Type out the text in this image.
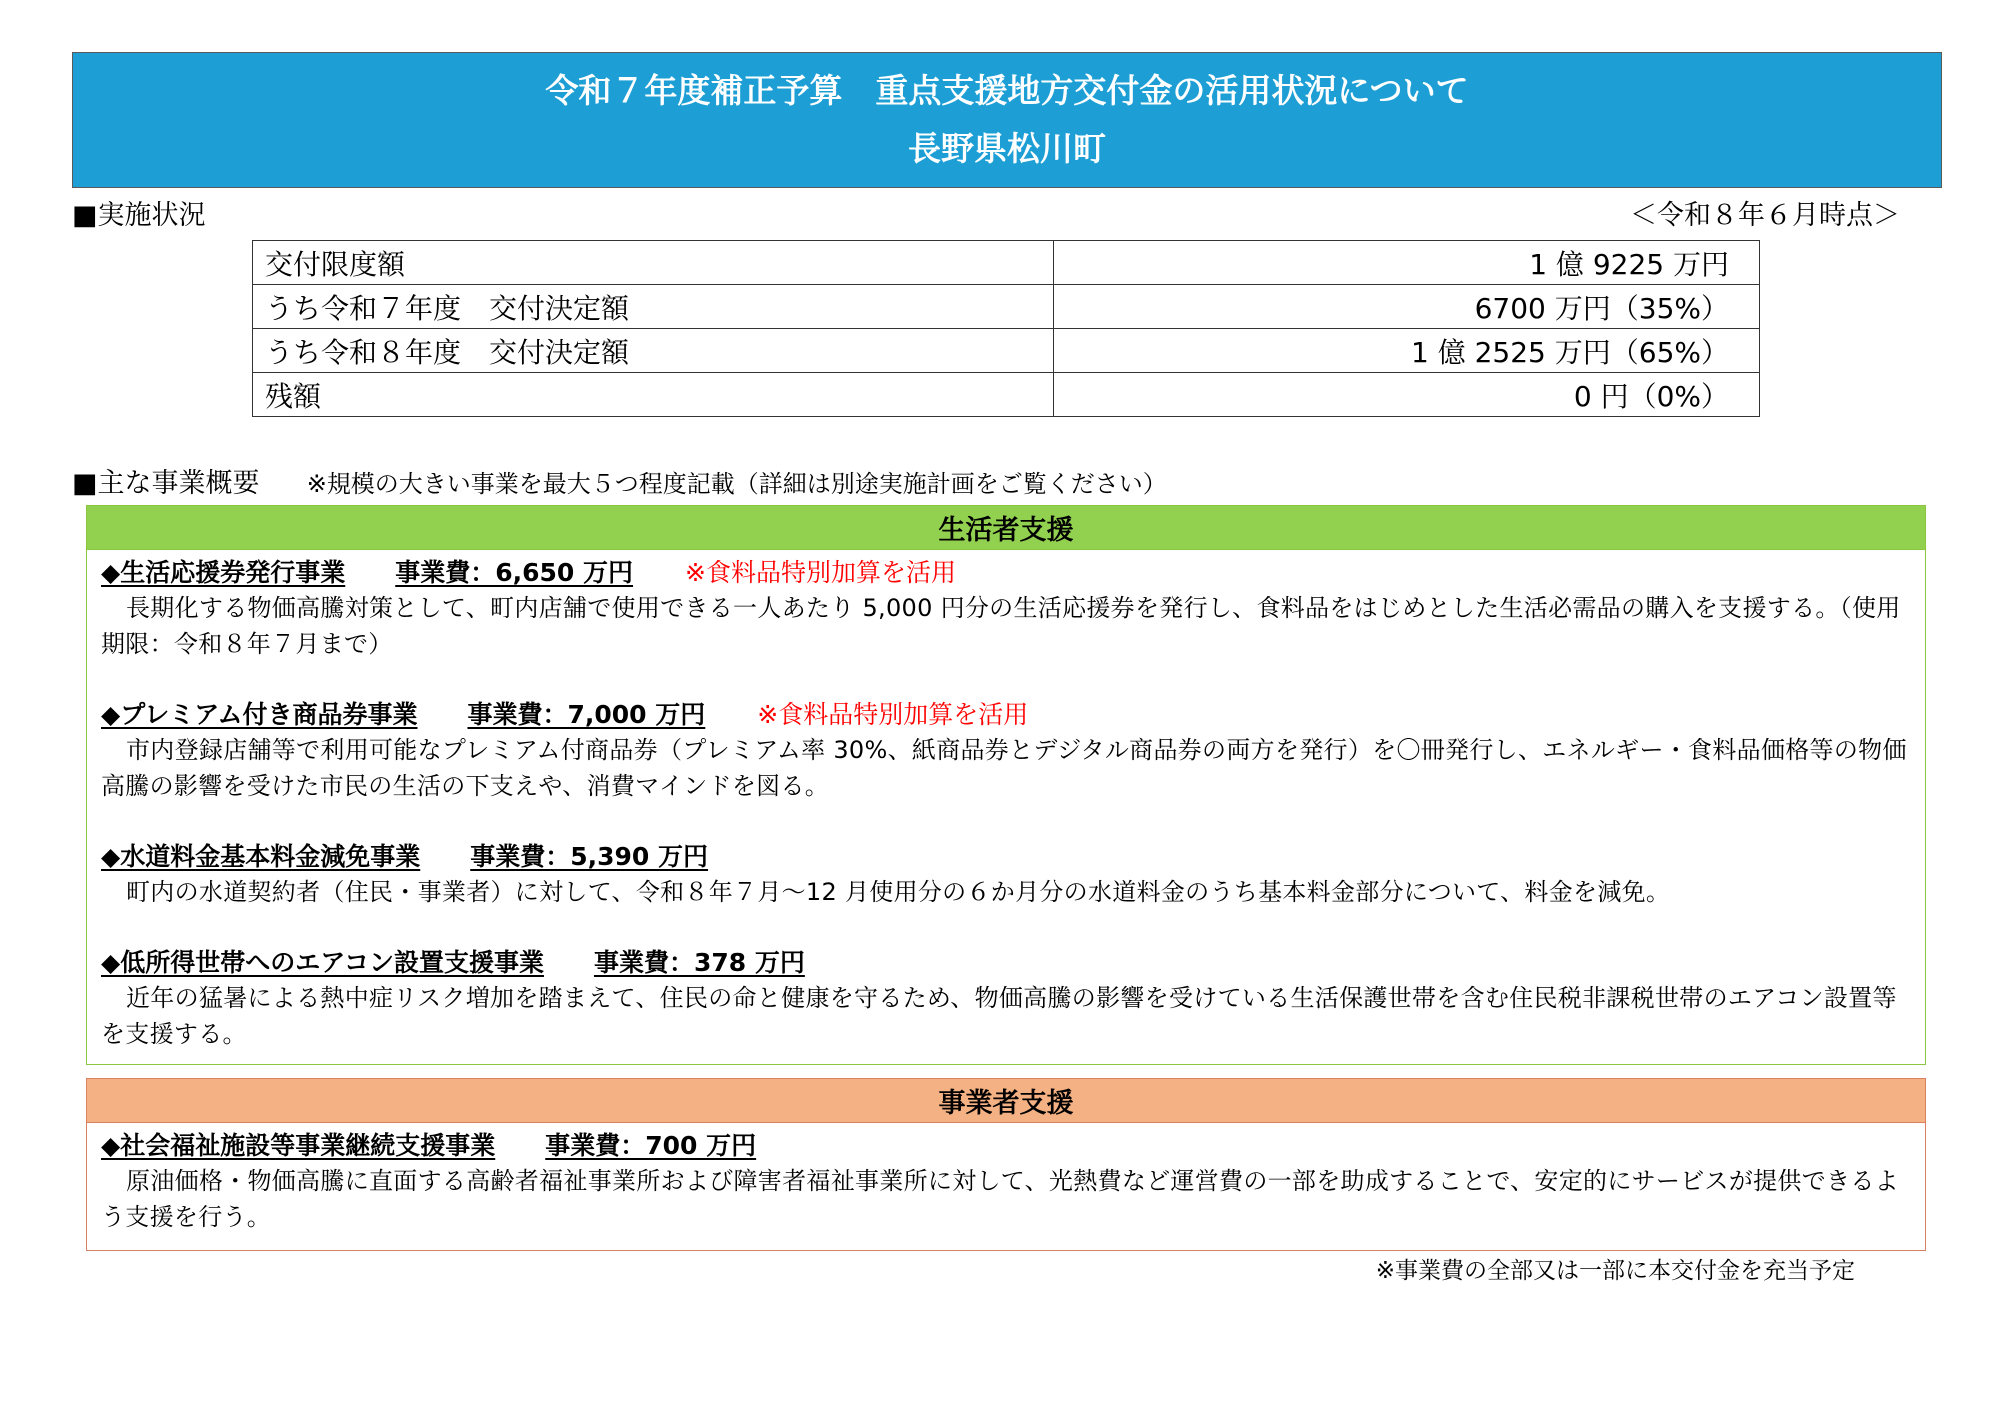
令和７年度補正予算　重点支援地方交付金の活用状況について
長野県松川町
■実施状況	＜令和８年６月時点＞
交付限度額	1 億 9225 万円
うち令和７年度　交付決定額	6700 万円（35%）
うち令和８年度　交付決定額	1 億 2525 万円（65%）
残額	0 円（0%）
■主な事業概要 ※規模の大きい事業を最大５つ程度記載（詳細は別途実施計画をご覧ください）
生活者支援
◆生活応援券発行事業 事業費：6,650 万円 ※食料品特別加算を活用
長期化する物価高騰対策として、町内店舗で使用できる一人あたり 5,000 円分の生活応援券を発行し、食料品をはじめとした生活必需品の購入を支援する。（使用期限：令和８年７月まで）
◆プレミアム付き商品券事業 事業費：7,000 万円 ※食料品特別加算を活用
市内登録店舗等で利用可能なプレミアム付商品券（プレミアム率 30%、紙商品券とデジタル商品券の両方を発行）を〇冊発行し、エネルギー・食料品価格等の物価高騰の影響を受けた市民の生活の下支えや、消費マインドを図る。
◆水道料金基本料金減免事業 事業費：5,390 万円
町内の水道契約者（住民・事業者）に対して、令和８年７月～12 月使用分の６か月分の水道料金のうち基本料金部分について、料金を減免。
◆低所得世帯へのエアコン設置支援事業 事業費：378 万円
近年の猛暑による熱中症リスク増加を踏まえて、住民の命と健康を守るため、物価高騰の影響を受けている生活保護世帯を含む住民税非課税世帯のエアコン設置等を支援する。
事業者支援
◆社会福祉施設等事業継続支援事業 事業費：700 万円
原油価格・物価高騰に直面する高齢者福祉事業所および障害者福祉事業所に対して、光熱費など運営費の一部を助成することで、安定的にサービスが提供できるよう支援を行う。
※事業費の全部又は一部に本交付金を充当予定
